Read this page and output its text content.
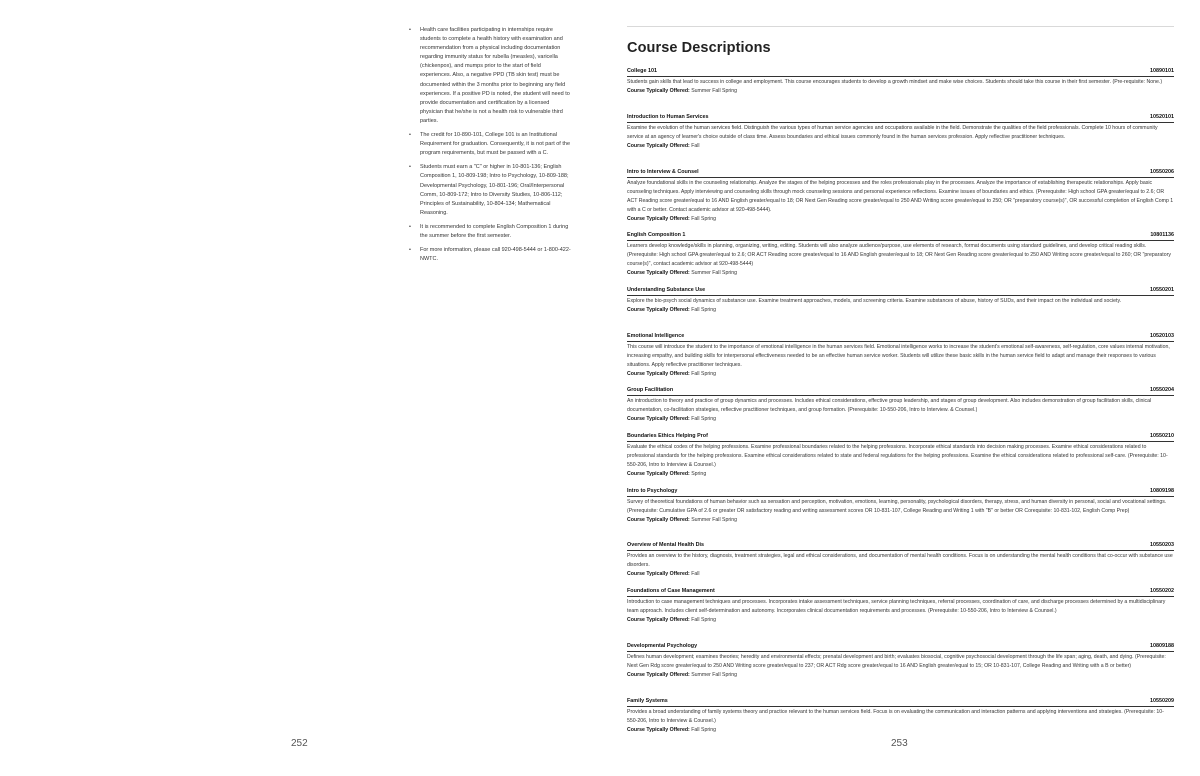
• Health care facilities participating in internships require students to complete a health history with examination and recommendation from a physical including documentation regarding immunity status for rubella (measles), varicella (chickenpox), and mumps prior to the start of field experiences. Also, a negative PPD (TB skin test) must be documented within the 3 months prior to beginning any field experiences. If a positive PD is noted, the student will need to provide documentation and certification by a licensed physician that he/she is not a health risk to vulnerable third parties.
• The credit for 10-890-101, College 101 is an Institutional Requirement for graduation. Consequently, it is not part of the program requirements, but must be passed with a C.
• Students must earn a "C" or higher in 10-801-136; English Composition 1, 10-809-198; Intro to Psychology, 10-809-188; Developmental Psychology, 10-801-196; Oral/Interpersonal Comm, 10-809-172; Intro to Diversity Studies, 10-806-112; Principles of Sustainability, 10-804-134; Mathematical Reasoning.
• It is recommended to complete English Composition 1 during the summer before the first semester.
• For more information, please call 920-498-5444 or 1-800-422-NWTC.
252
Course Descriptions
College 101	10890101
Students gain skills that lead to success in college and employment. This course encourages students to develop a growth mindset and make wise choices. Students should take this course in their first semester. (Pre-requisite: None.)
Course Typically Offered: Summer Fall Spring
Introduction to Human Services	10520101
Examine the evolution of the human services field. Distinguish the various types of human service agencies and occupations available in the field. Demonstrate the qualities of the field professionals. Complete 10 hours of community service at an agency of learner's choice outside of class time. Assess boundaries and ethical issues commonly found in the human services profession. Apply reflective practitioner techniques.
Course Typically Offered: Fall
Intro to Interview & Counsel	10550206
Analyze foundational skills in the counseling relationship. Analyze the stages of the helping processes and the roles professionals play in the processes. Analyze the importance of establishing therapeutic relationships. Apply basic counseling techniques. Apply interviewing and counseling skills through mock counseling sessions and personal experience reflections. Examine issues of boundaries and ethics. (Prerequisite: High school GPA greater/equal to 2.6; OR ACT Reading score greater/equal to 16 AND English greater/equal to 18; OR Next Gen Reading score greater/equal to 250 AND Writing score greater/equal to 250; OR "preparatory course(s)", OR successful completion of English Comp 1 with a C or better. Contact academic advisor at 920-498-5444).
Course Typically Offered: Fall Spring
English Composition 1	10801136
Learners develop knowledge/skills in planning, organizing, writing, editing. Students will also analyze audience/purpose, use elements of research, format documents using standard guidelines, and develop critical reading skills. (Prerequisite: High school GPA greater/equal to 2.6; OR ACT Reading score greater/equal to 16 AND English greater/equal to 18; OR Next Gen Reading score greater/equal to 250 AND Writing score greater/equal to 260; OR "preparatory course(s)", contact academic advisor at 920-498-5444)
Course Typically Offered: Summer Fall Spring
Understanding Substance Use	10550201
Explore the bio-psych social dynamics of substance use. Examine treatment approaches, models, and screening criteria. Examine substances of abuse, history of SUDs, and their impact on the individual and society.
Course Typically Offered: Fall Spring
Emotional Intelligence	10520103
This course will introduce the student to the importance of emotional intelligence in the human services field. Emotional intelligence works to increase the student's emotional self-awareness, self-regulation, core values internal motivation, increasing empathy, and building skills for interpersonal effectiveness needed to be an effective human service worker. Students will utilize these basic skills in the human service field to adapt and manage their responses to various situations. Apply reflective practitioner techniques.
Course Typically Offered: Fall Spring
Group Facilitation	10550204
An introduction to theory and practice of group dynamics and processes. Includes ethical considerations, effective group leadership, and stages of group development. Also includes demonstration of group facilitation skills, clinical documentation, co-facilitation strategies, reflective practitioner techniques, and group formation. (Prerequisite: 10-550-206, Intro to Interview. & Counsel.)
Course Typically Offered: Fall Spring
Boundaries Ethics Helping Prof	10550210
Evaluate the ethical codes of the helping professions. Examine professional boundaries related to the helping professions. Incorporate ethical standards into decision making processes. Examine ethical considerations related to professional standards for the helping professions. Examine ethical considerations related to state and federal regulations for the helping professions. Examine the ethical considerations related to professional self-care. (Prerequisite: 10-550-206, Intro to Interview & Counsel.)
Course Typically Offered: Spring
Intro to Psychology	10809198
Survey of theoretical foundations of human behavior such as sensation and perception, motivation, emotions, learning, personality, psychological disorders, therapy, stress, and human diversity in personal, social and vocational settings. (Prerequisite: Cumulative GPA of 2.6 or greater OR satisfactory reading and writing assessment scores OR 10-831-107, College Reading and Writing 1 with "B" or better OR Corequisite: 10-831-102, English Comp Prep)
Course Typically Offered: Summer Fall Spring
Overview of Mental Health Dis	10550203
Provides an overview to the history, diagnosis, treatment strategies, legal and ethical considerations, and documentation of mental health conditions. Focus is on understanding the mental health conditions that co-occur with substance use disorders.
Course Typically Offered: Fall
Foundations of Case Management	10550202
Introduction to case management techniques and processes. Incorporates intake assessment techniques, service planning techniques, referral processes, coordination of care, and discharge processes determined by a multidisciplinary team approach. Includes client self-determination and autonomy. Incorporates clinical documentation requirements and processes. (Prerequisite: 10-550-206, Intro to Interview & Counsel.)
Course Typically Offered: Fall Spring
Developmental Psychology	10809188
Defines human development; examines theories; heredity and environmental effects; prenatal development and birth; evaluates biosocial, cognitive psychosocial development through the life span; aging, death, and dying. (Prerequisite: Next Gen Rdg score greater/equal to 250 AND Writing score greater/equal to 237; OR ACT Rdg score greater/equal to 16 AND English greater/equal to 15; OR 10-831-107, College Reading and Writing with a B or better)
Course Typically Offered: Summer Fall Spring
Family Systems	10550209
Provides a broad understanding of family systems theory and practice relevant to the human services field. Focus is on evaluating the communication and interaction patterns and applying interventions and strategies. (Prerequisite: 10-550-206, Intro to Interview & Counsel.)
Course Typically Offered: Fall Spring
253
